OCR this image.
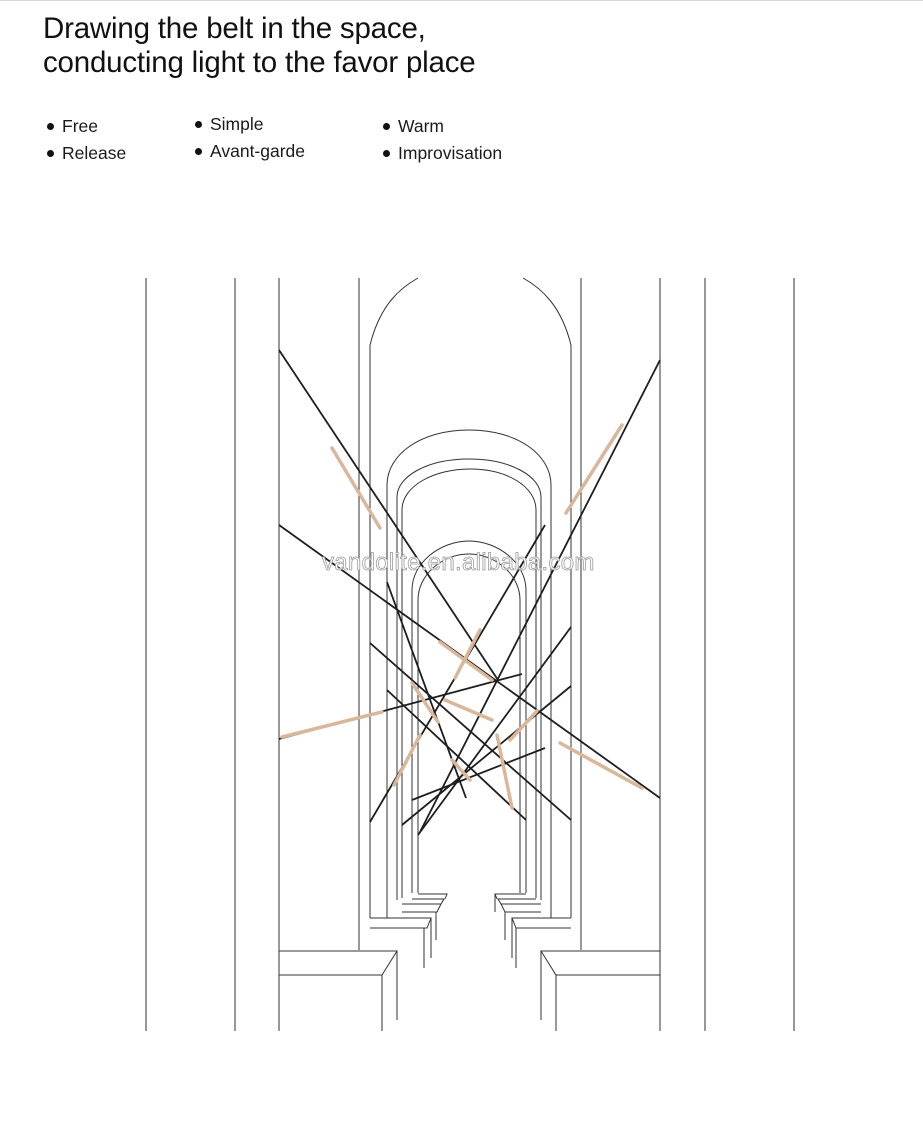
Drawing the belt in the space,
conducting light to the favor place
Free
Release
Simple
Avant-garde
Warm
Improvisation
vandolite.en.alibaba.com
